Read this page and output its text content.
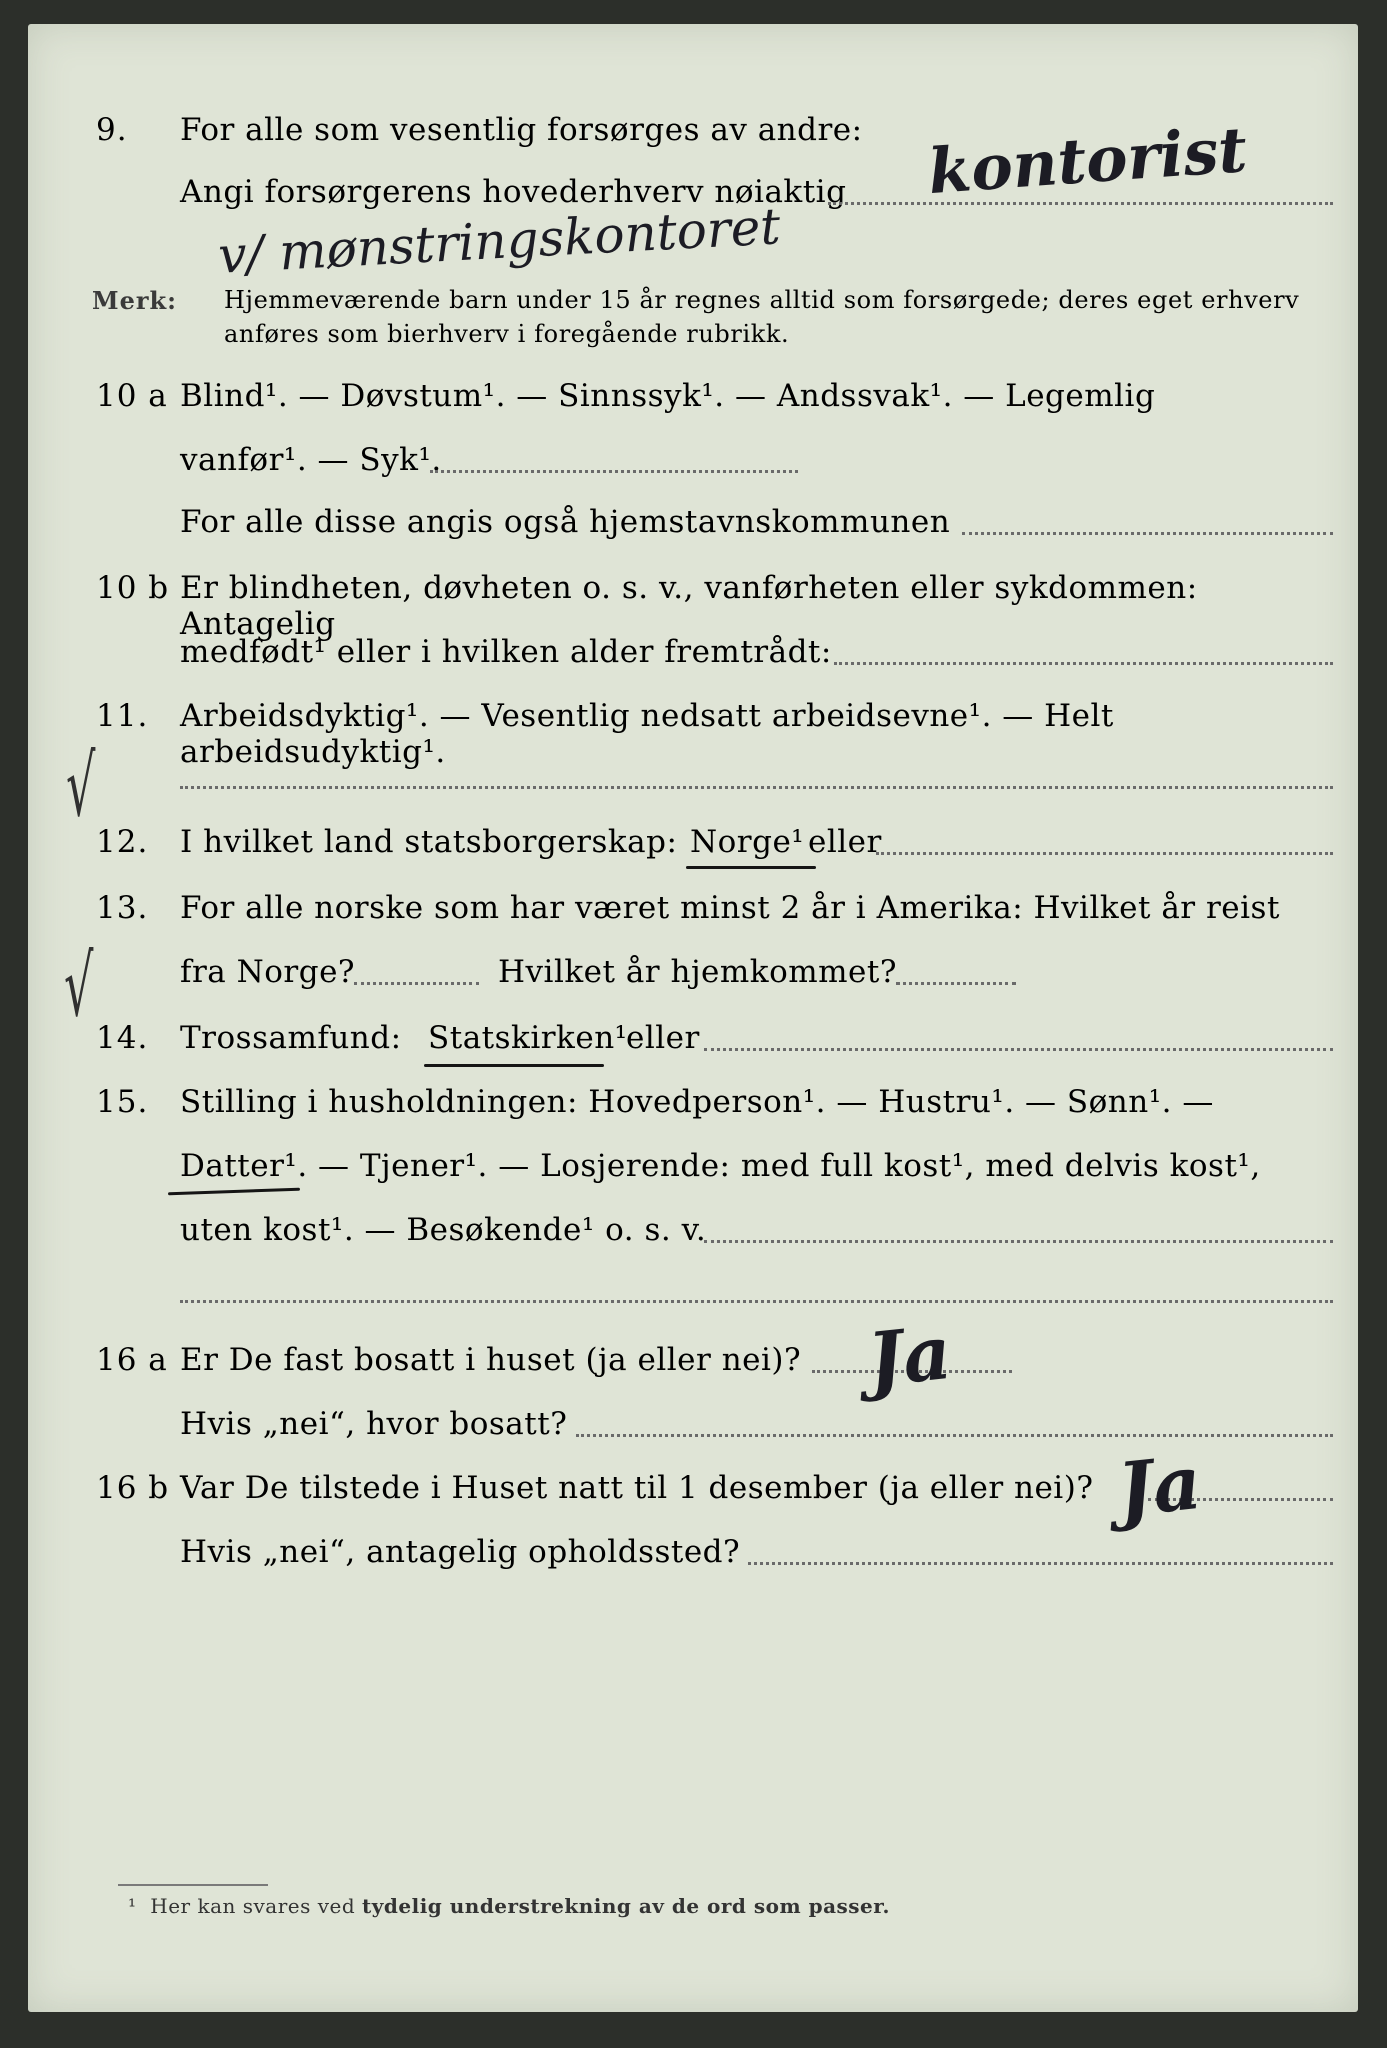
9. For alle som vesentlig forsørges av andre:
Angi forsørgerens hovederhverv nøiaktig kontorist
v/ mønstringskontoret
Merk: Hjemmeværende barn under 15 år regnes alltid som forsørgede; deres eget erhverv
anføres som bierhverv i foregående rubrikk.
10 a Blind¹. — Døvstum¹. — Sinnssyk¹. — Andssvak¹. — Legemlig
vanfør¹. — Syk¹.
For alle disse angis også hjemstavnskommunen
10 b Er blindheten, døvheten o. s. v., vanførheten eller sykdommen: Antagelig
medfødt¹ eller i hvilken alder fremtrådt:
11. Arbeidsdyktig¹. — Vesentlig nedsatt arbeidsevne¹. — Helt arbeidsudyktig¹.
√
12. I hvilket land statsborgerskap: Norge¹ eller
13. For alle norske som har været minst 2 år i Amerika: Hvilket år reist
fra Norge?	Hvilket år hjemkommet?
√
14. Trossamfund: Statskirken¹
eller
15. Stilling i husholdningen: Hovedperson¹. — Hustru¹. — Sønn¹. —
Datter¹. — Tjener¹. — Losjerende: med full kost¹, med delvis kost¹,
uten kost¹. — Besøkende¹ o. s. v.
16 a Er De fast bosatt i huset (ja eller nei)? Ja
Hvis „nei“, hvor bosatt?
16 b Var De tilstede i Huset natt til 1 desember (ja eller nei)? Ja
Hvis „nei“, antagelig opholdssted?
¹ Her kan svares ved tydelig understrekning av de ord som passer.
